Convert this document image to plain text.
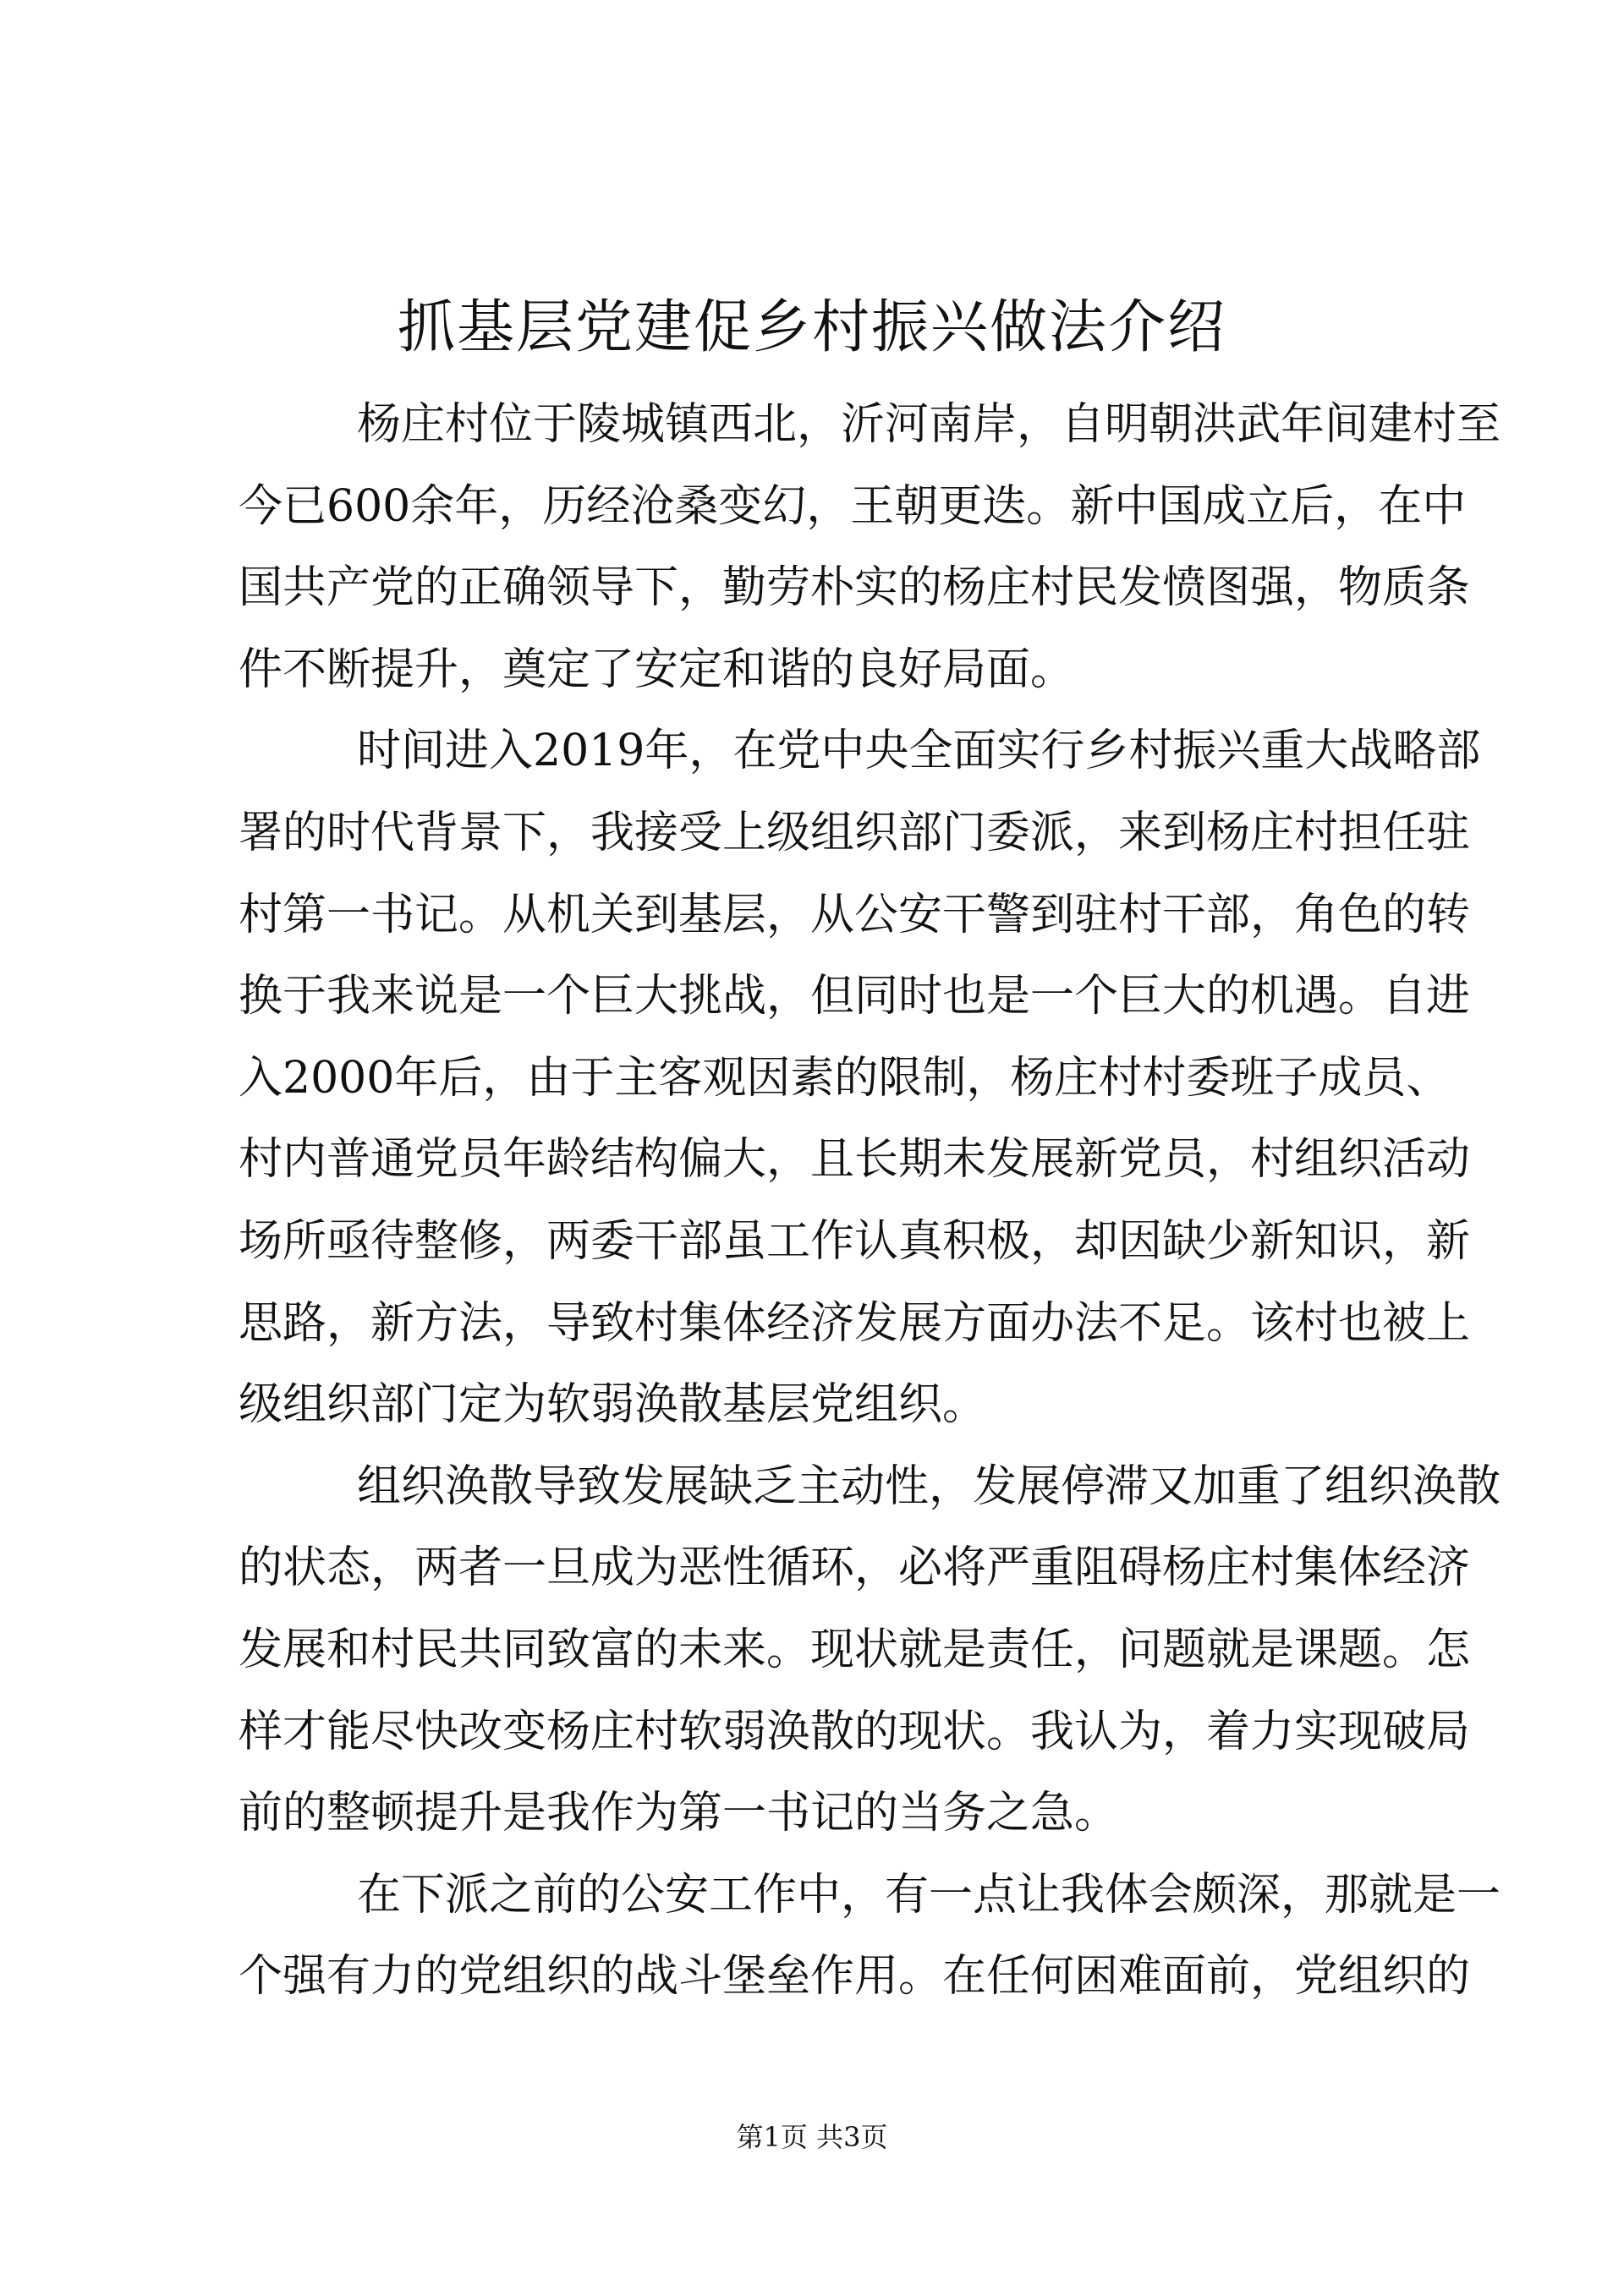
抓基层党建促乡村振兴做法介绍
杨庄村位于陵城镇西北，沂河南岸，自明朝洪武年间建村至
今已600余年，历经沧桑变幻，王朝更迭。新中国成立后，在中
国共产党的正确领导下，勤劳朴实的杨庄村民发愤图强，物质条
件不断提升，奠定了安定和谐的良好局面。
时间进入2019年，在党中央全面实行乡村振兴重大战略部
署的时代背景下，我接受上级组织部门委派，来到杨庄村担任驻
村第一书记。从机关到基层，从公安干警到驻村干部，角色的转
换于我来说是一个巨大挑战，但同时也是一个巨大的机遇。自进
入2000年后，由于主客观因素的限制，杨庄村村委班子成员、
村内普通党员年龄结构偏大，且长期未发展新党员，村组织活动
场所亟待整修，两委干部虽工作认真积极，却因缺少新知识，新
思路，新方法，导致村集体经济发展方面办法不足。该村也被上
级组织部门定为软弱涣散基层党组织。
组织涣散导致发展缺乏主动性，发展停滞又加重了组织涣散
的状态，两者一旦成为恶性循环，必将严重阻碍杨庄村集体经济
发展和村民共同致富的未来。现状就是责任，问题就是课题。怎
样才能尽快改变杨庄村软弱涣散的现状。我认为，着力实现破局
前的整顿提升是我作为第一书记的当务之急。
在下派之前的公安工作中，有一点让我体会颇深，那就是一
个强有力的党组织的战斗堡垒作用。在任何困难面前，党组织的
第1页 共3页
